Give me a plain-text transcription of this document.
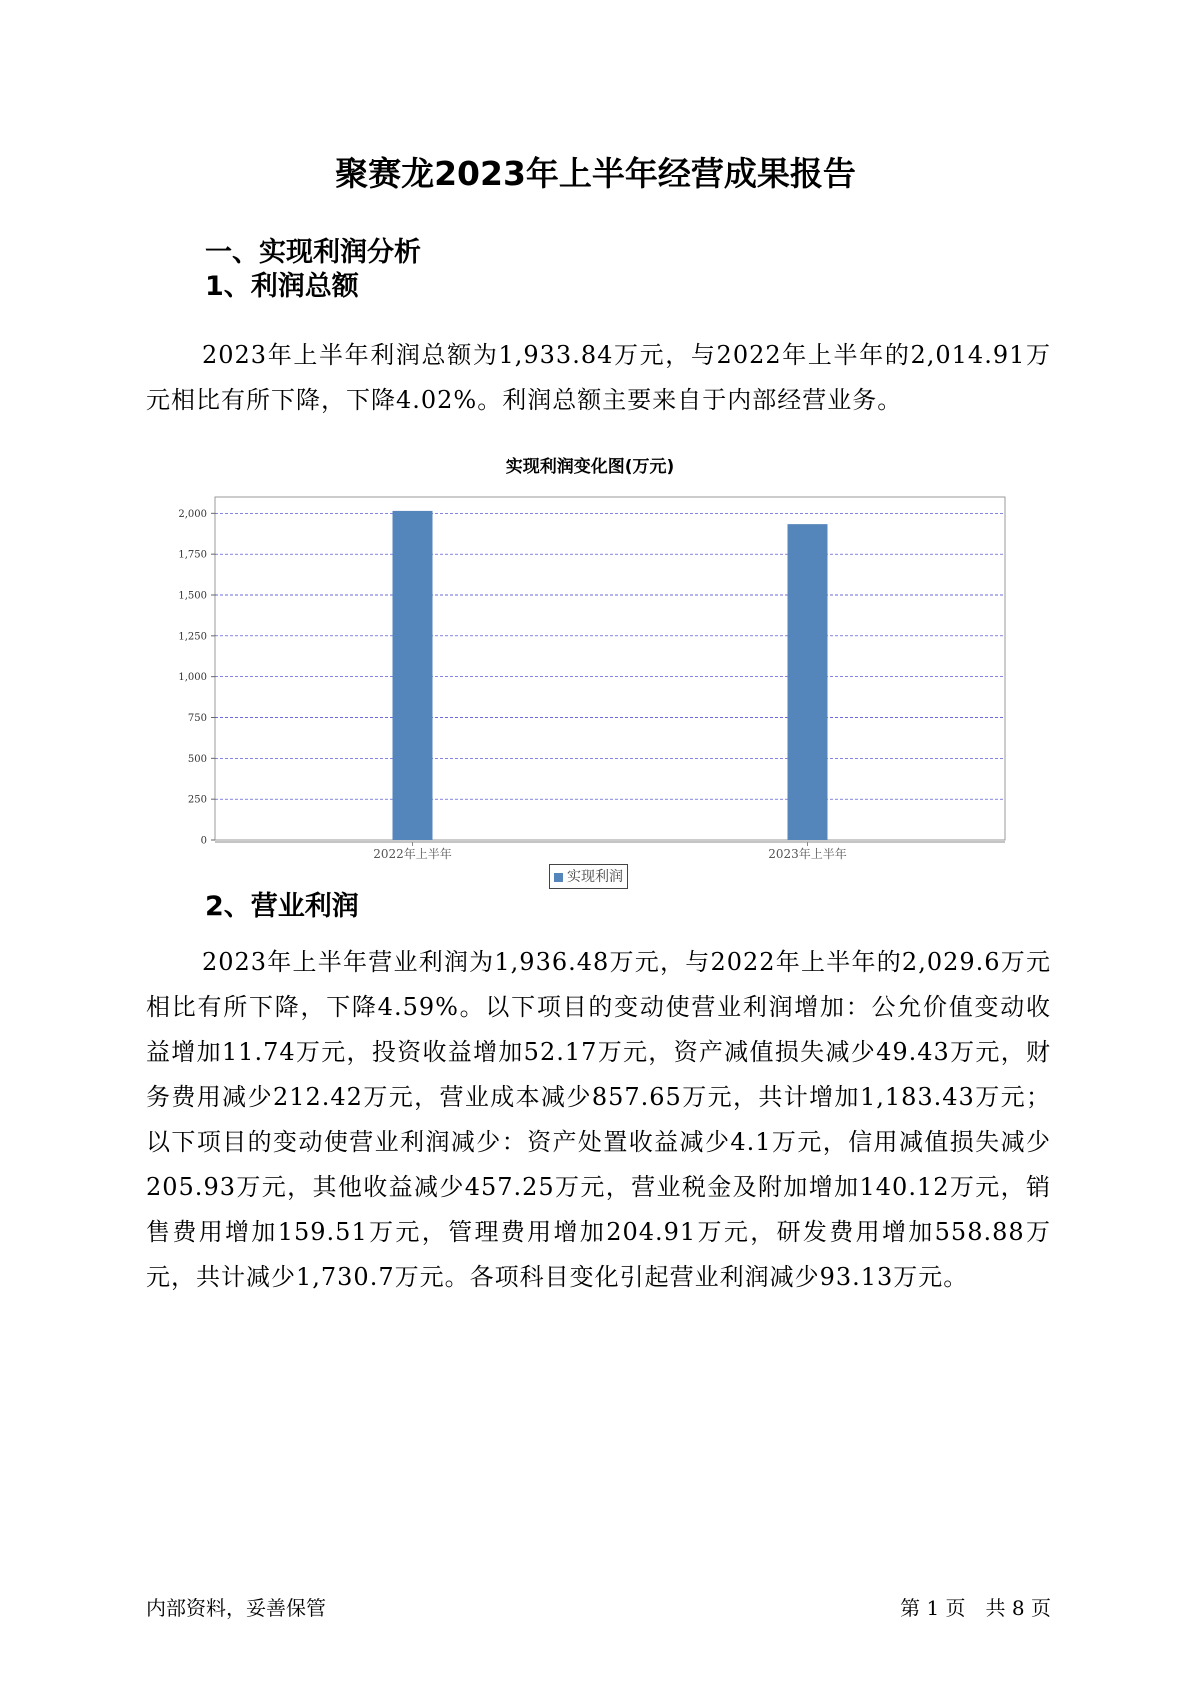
聚赛龙2023年上半年经营成果报告
一、实现利润分析
1、利润总额

2023年上半年利润总额为1,933.84万元，与2022年上半年的2,014.91万元相比有所下降，下降4.02%。利润总额主要来自于内部经营业务。

实现利润变化图(万元)
0
250
500
750
1,000
1,250
1,500
1,750
2,000
2022年上半年	2023年上半年
实现利润
2、营业利润

2023年上半年营业利润为1,936.48万元，与2022年上半年的2,029.6万元相比有所下降，下降4.59%。以下项目的变动使营业利润增加：公允价值变动收益增加11.74万元，投资收益增加52.17万元，资产减值损失减少49.43万元，财务费用减少212.42万元，营业成本减少857.65万元，共计增加1,183.43万元；以下项目的变动使营业利润减少：资产处置收益减少4.1万元，信用减值损失减少205.93万元，其他收益减少457.25万元，营业税金及附加增加140.12万元，销售费用增加159.51万元，管理费用增加204.91万元，研发费用增加558.88万元，共计减少1,730.7万元。各项科目变化引起营业利润减少93.13万元。

内部资料，妥善保管	第 1 页　共 8 页
